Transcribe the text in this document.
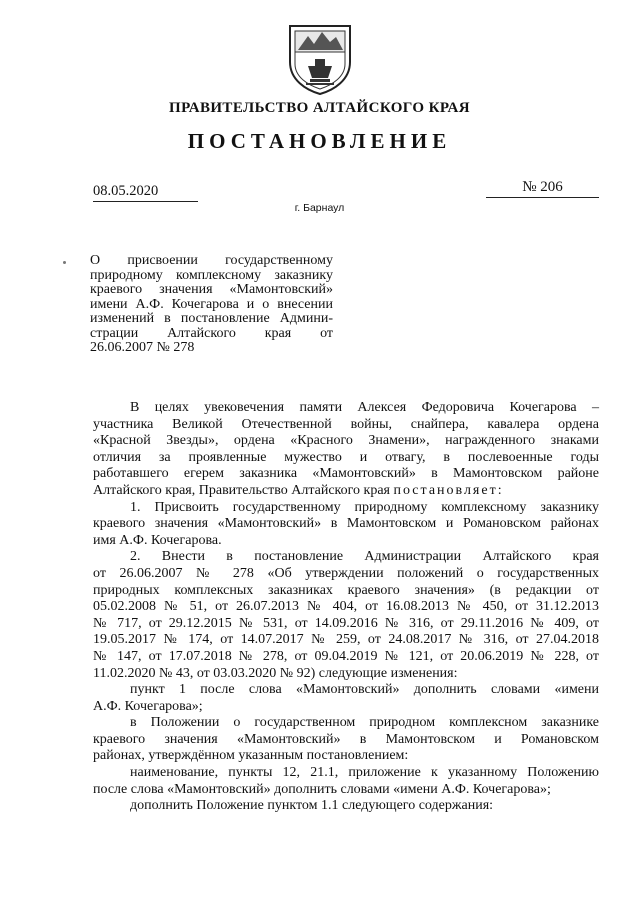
ПРАВИТЕЛЬСТВО АЛТАЙСКОГО КРАЯ
ПОСТАНОВЛЕНИЕ
08.05.2020	№ 206
г. Барнаул
О присвоении государственному
природному комплексному заказнику
краевого значения «Мамонтовский»
имени А.Ф. Кочегарова и о внесении
изменений в постановление Админи-
страции Алтайского края от
26.06.2007 № 278
В целях увековечения памяти Алексея Федоровича Кочегарова –
участника Великой Отечественной войны, снайпера, кавалера ордена
«Красной Звезды», ордена «Красного Знамени», награжденного знаками
отличия за проявленные мужество и отвагу, в послевоенные годы
работавшего егерем заказника «Мамонтовский» в Мамонтовском районе
Алтайского края, Правительство Алтайского края постановляет:
1. Присвоить государственному природному комплексному заказнику
краевого значения «Мамонтовский» в Мамонтовском и Романовском районах
имя А.Ф. Кочегарова.
2. Внести в постановление Администрации Алтайского края
от 26.06.2007 № 278 «Об утверждении положений о государственных
природных комплексных заказниках краевого значения» (в редакции от
05.02.2008 № 51, от 26.07.2013 № 404, от 16.08.2013 № 450, от 31.12.2013
№ 717, от 29.12.2015 № 531, от 14.09.2016 № 316, от 29.11.2016 № 409, от
19.05.2017 № 174, от 14.07.2017 № 259, от 24.08.2017 № 316, от 27.04.2018
№ 147, от 17.07.2018 № 278, от 09.04.2019 № 121, от 20.06.2019 № 228, от
11.02.2020 № 43, от 03.03.2020 № 92) следующие изменения:
пункт 1 после слова «Мамонтовский» дополнить словами «имени
А.Ф. Кочегарова»;
в Положении о государственном природном комплексном заказнике
краевого значения «Мамонтовский» в Мамонтовском и Романовском
районах, утверждённом указанным постановлением:
наименование, пункты 12, 21.1, приложение к указанному Положению
после слова «Мамонтовский» дополнить словами «имени А.Ф. Кочегарова»;
дополнить Положение пунктом 1.1 следующего содержания:
